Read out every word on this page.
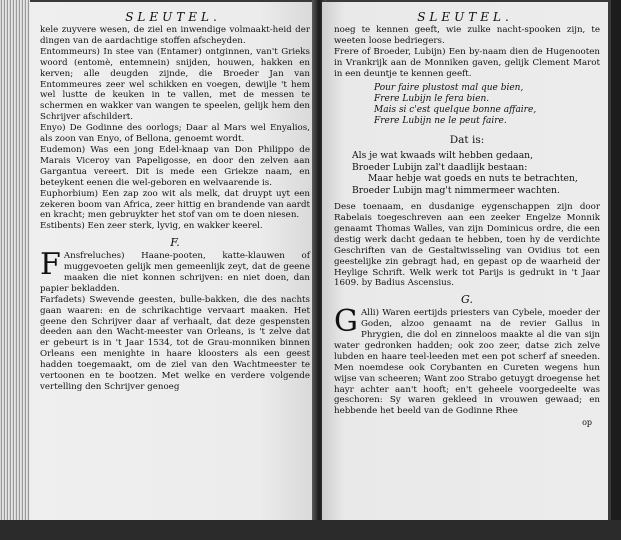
SLEUTEL.

kele zuyvere wesen, de ziel en inwendige volmaakt-heid der dingen van de aardachtige stoffen afscheyden.

Entommeurs) In stee van (Entamer) ontginnen, van't Grieks woord (entomè, entemnein) snijden, houwen, hakken en kerven; alle deugden zijnde, die Broeder Jan van Entommeures zeer wel schikken en voegen, dewijle 't hem wel lustte de keuken in te vallen, met de messen te schermen en wakker van wangen te speelen, gelijk hem den Schrijver afschildert.

Enyo) De Godinne des oorlogs; Daar al Mars wel Enyalios, als zoon van Enyo, of Bellona, genoemt wordt.

Eudemon) Was een jong Edel-knaap van Don Philippo de Marais Viceroy van Papeligosse, en door den zelven aan Gargantua vereert. Dit is mede een Griekze naam, en beteykent eenen die wel-geboren en welvaarende is.

Euphorbium) Een zap zoo wit als melk, dat druypt uyt een zekeren boom van Africa, zeer hittig en brandende van aardt en kracht; men gebruykter het stof van om te doen niesen.

Estibents) Een zeer sterk, lyvig, en wakker keerel.

F.

F Ansfreluches) Haane-pooten, katte-klauwen of muggevoeten gelijk men gemeenlijk zeyt, dat de geene maaken die niet konnen schrijven: en niet doen, dan papier bekladden.

Farfadets) Swevende geesten, bulle-bakken, die des nachts gaan waaren: en de schrikachtige vervaart maaken. Het geene den Schrijver daar af verhaalt, dat deze gespensten deeden aan den Wacht-meester van Orleans, is 't zelve dat er gebeurt is in 't Jaar 1534, tot de Grau-monniken binnen Orleans een menighte in haare kloosters als een geest hadden toegemaakt, om de ziel van den Wachtmeester te vertoonen en te bootzen. Met welke en verdere volgende vertelling den Schrijver genoeg

SLEUTEL.

noeg te kennen geeft, wie zulke nacht-spooken zijn, te weeten loose bedriegers.

Frere of Broeder, Lubijn) Een by-naam dien de Hugenooten in Vrankrijk aan de Monniken gaven, gelijk Clement Marot in een deuntje te kennen geeft.

Pour faire plustost mal que bien,
Frere Lubijn le fera bien.
Mais si c'est quelque bonne affaire,
Frere Lubijn ne le peut faire.
Dat is:
Als je wat kwaads wilt hebben gedaan,
Broeder Lubijn zal't daadlijk bestaan:
Maar hebje wat goeds en nuts te betrachten,
Broeder Lubijn mag't nimmermeer wachten.

Dese toenaam, en dusdanige eygenschappen zijn door Rabelais toegeschreven aan een zeeker Engelze Monnik genaamt Thomas Walles, van zijn Dominicus ordre, die een destig werk dacht gedaan te hebben, toen hy de verdichte Geschriften van de Gestaltwisseling van Ovidius tot een geestelijke zin gebragt had, en gepast op de waarheid der Heylige Schrift. Welk werk tot Parijs is gedrukt in 't Jaar 1609. by Badius Ascensius.

G.

G Alli) Waren eertijds priesters van Cybele, moeder der Goden, alzoo genaamt na de revier Gallus in Phrygien, die dol en zinneloos maakte al die van sijn water gedronken hadden; ook zoo zeer, datse zich zelve lubden en haare teel-leeden met een pot scherf af sneeden. Men noemdese ook Corybanten en Cureten wegens hun wijse van scheeren; Want zoo Strabo getuygt droegense het hayr achter aan't hooft; en't geheele voorgedeelte was geschoren: Sy waren gekleed in vrouwen gewaad; en hebbende het beeld van de Godinne Rhee

op
